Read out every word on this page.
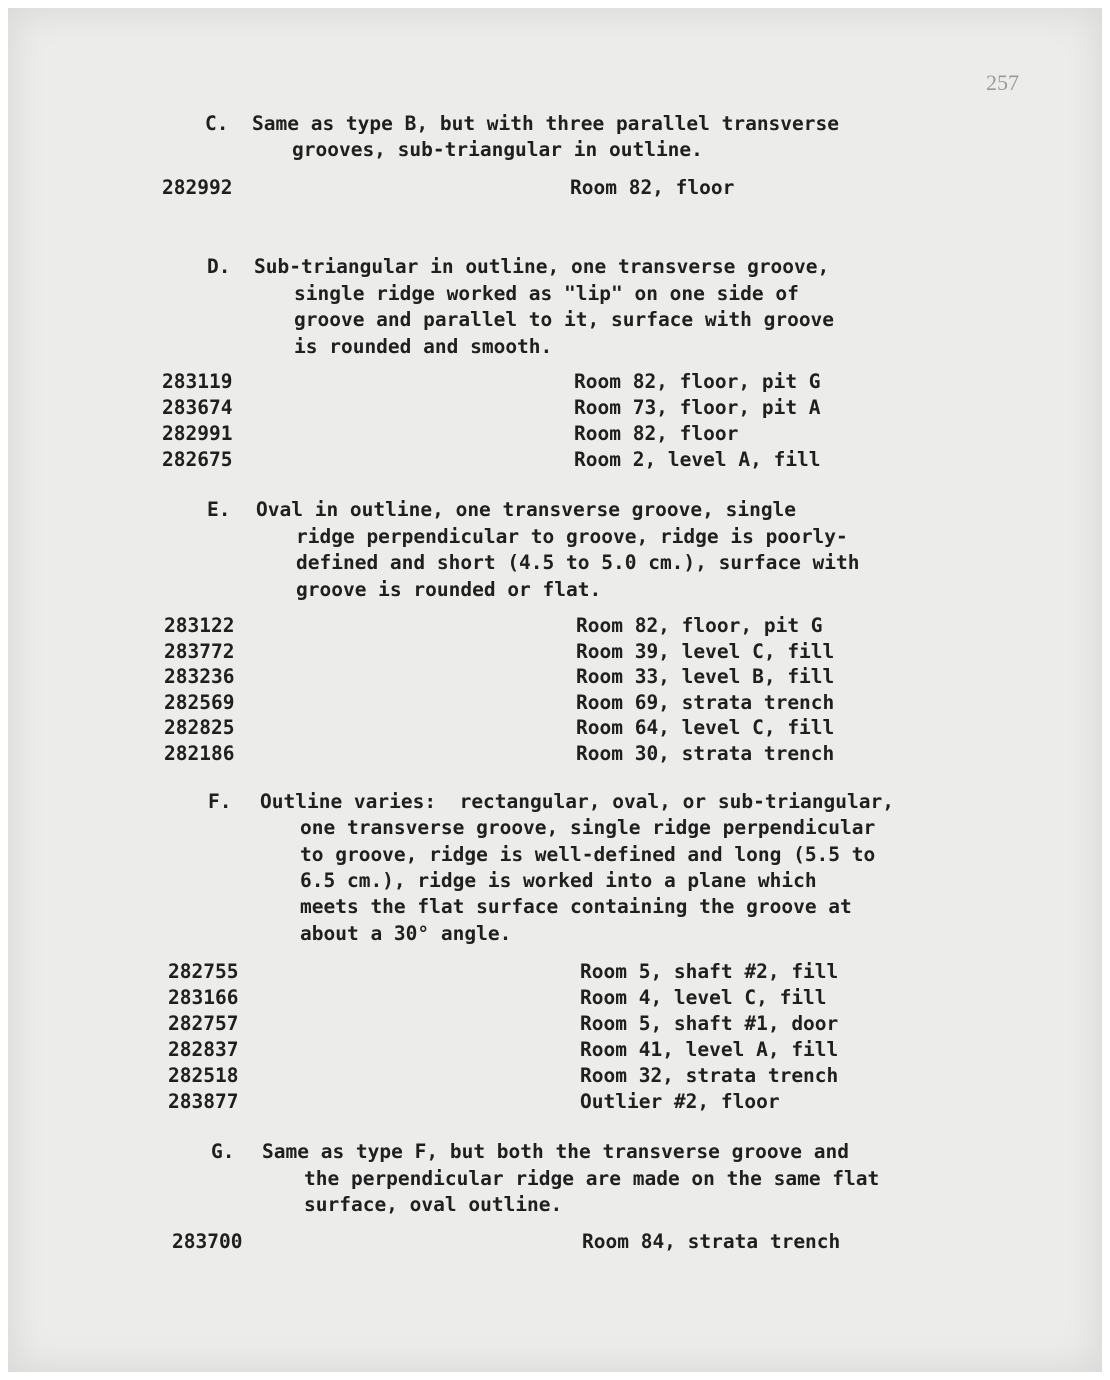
257
C.	Same as type B, but with three parallel transverse
grooves, sub-triangular in outline.
282992	Room 82, floor
D.	Sub-triangular in outline, one transverse groove,
single ridge worked as "lip" on one side of
groove and parallel to it, surface with groove
is rounded and smooth.
283119	Room 82, floor, pit G
283674	Room 73, floor, pit A
282991	Room 82, floor
282675	Room 2, level A, fill
E.	Oval in outline, one transverse groove, single
ridge perpendicular to groove, ridge is poorly-
defined and short (4.5 to 5.0 cm.), surface with
groove is rounded or flat.
283122	Room 82, floor, pit G
283772	Room 39, level C, fill
283236	Room 33, level B, fill
282569	Room 69, strata trench
282825	Room 64, level C, fill
282186	Room 30, strata trench
F.	Outline varies:  rectangular, oval, or sub-triangular,
one transverse groove, single ridge perpendicular
to groove, ridge is well-defined and long (5.5 to
6.5 cm.), ridge is worked into a plane which
meets the flat surface containing the groove at
about a 30° angle.
282755	Room 5, shaft #2, fill
283166	Room 4, level C, fill
282757	Room 5, shaft #1, door
282837	Room 41, level A, fill
282518	Room 32, strata trench
283877	Outlier #2, floor
G.	Same as type F, but both the transverse groove and
the perpendicular ridge are made on the same flat
surface, oval outline.
283700	Room 84, strata trench
